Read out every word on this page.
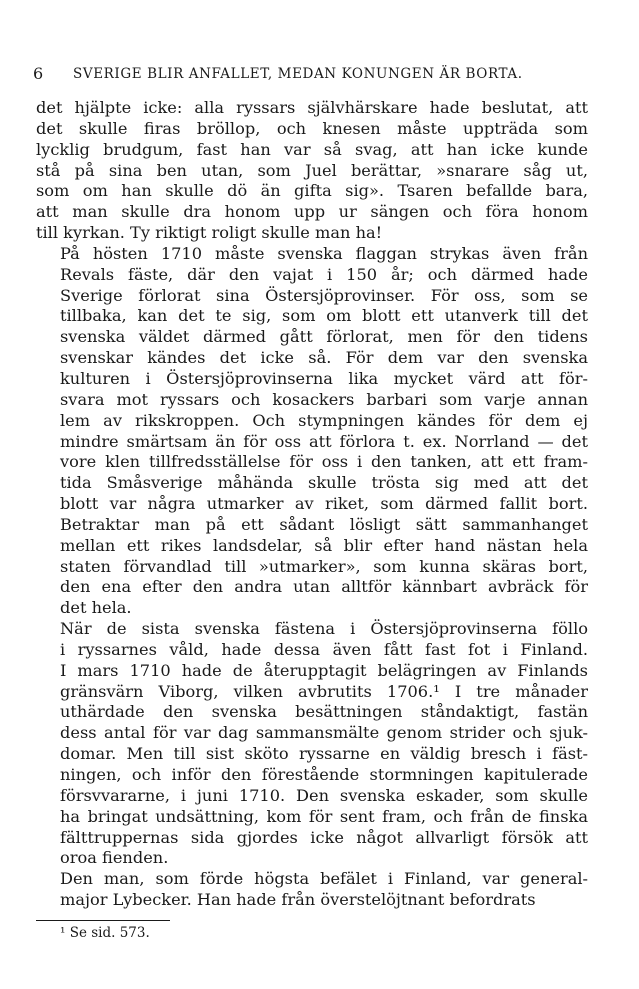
6 SVERIGE BLIR ANFALLET, MEDAN KONUNGEN ÄR BORTA.

det hjälpte icke: alla ryssars självhärskare hade beslutat, att
det skulle firas bröllop, och knesen måste uppträda som
lycklig brudgum, fast han var så svag, att han icke kunde
stå på sina ben utan, som Juel berättar, »snarare såg ut,
som om han skulle dö än gifta sig». Tsaren befallde bara,
att man skulle dra honom upp ur sängen och föra honom
till kyrkan. Ty riktigt roligt skulle man ha!

På hösten 1710 måste svenska flaggan strykas även från
Revals fäste, där den vajat i 150 år; och därmed hade
Sverige förlorat sina Östersjöprovinser. För oss, som se
tillbaka, kan det te sig, som om blott ett utanverk till det
svenska väldet därmed gått förlorat, men för den tidens
svenskar kändes det icke så. För dem var den svenska
kulturen i Östersjöprovinserna lika mycket värd att för-
svara mot ryssars och kosackers barbari som varje annan
lem av rikskroppen. Och stympningen kändes för dem ej
mindre smärtsam än för oss att förlora t. ex. Norrland — det
vore klen tillfredsställelse för oss i den tanken, att ett fram-
tida Småsverige måhända skulle trösta sig med att det
blott var några utmarker av riket, som därmed fallit bort.
Betraktar man på ett sådant lösligt sätt sammanhanget
mellan ett rikes landsdelar, så blir efter hand nästan hela
staten förvandlad till »utmarker», som kunna skäras bort,
den ena efter den andra utan alltför kännbart avbräck för
det hela.

När de sista svenska fästena i Östersjöprovinserna föllo
i ryssarnes våld, hade dessa även fått fast fot i Finland.
I mars 1710 hade de återupptagit belägringen av Finlands
gränsvärn Viborg, vilken avbrutits 1706.¹ I tre månader
uthärdade den svenska besättningen ståndaktigt, fastän
dess antal för var dag sammansmälte genom strider och sjuk-
domar. Men till sist sköto ryssarne en väldig bresch i fäst-
ningen, och inför den förestående stormningen kapitulerade
försvvararne, i juni 1710. Den svenska eskader, som skulle
ha bringat undsättning, kom för sent fram, och från de finska
fälttruppernas sida gjordes icke något allvarligt försök att
oroa fienden.

Den man, som förde högsta befälet i Finland, var general-
major Lybecker. Han hade från överstelöjtnant befordrats

¹ Se sid. 573.
